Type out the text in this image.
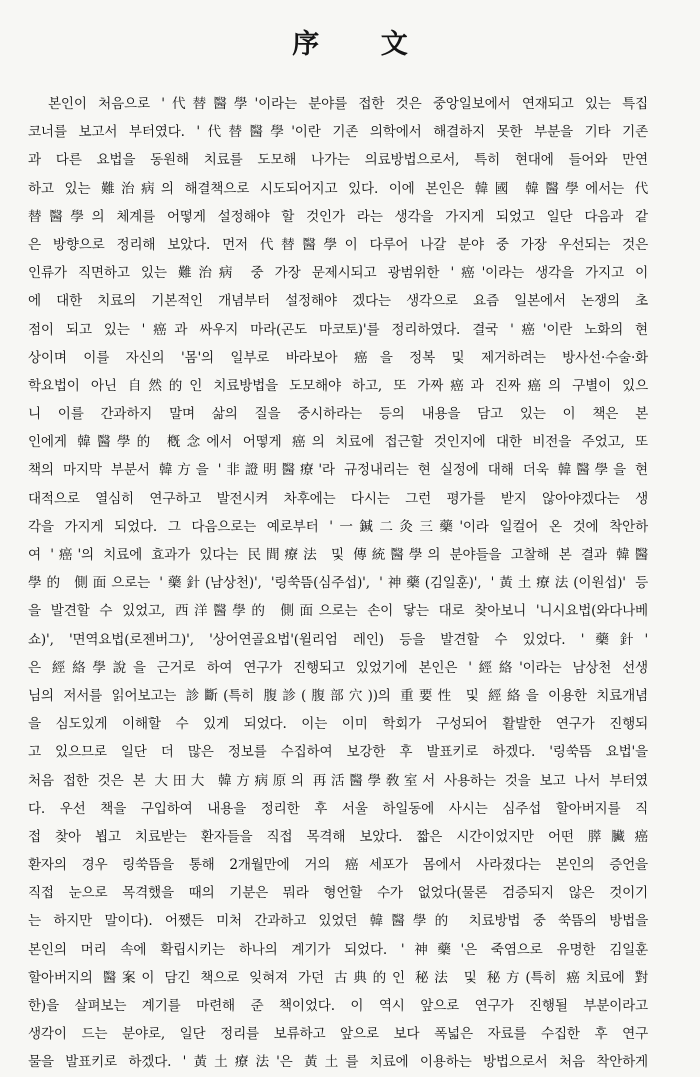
序 文
본인이 처음으로 '代替醫學'이라는 분야를 접한 것은 중앙일보에서 연재되고 있는 특집
코너를 보고서 부터였다. '代替醫學'이란 기존 의학에서 해결하지 못한 부분을 기타 기존
과 다른 요법을 동원해 치료를 도모해 나가는 의료방법으로서, 특히 현대에 들어와 만연
하고 있는 難治病의 해결책으로 시도되어지고 있다. 이에 본인은 韓國 韓醫學에서는 代
替醫學의 체계를 어떻게 설정해야 할 것인가 라는 생각을 가지게 되었고 일단 다음과 같
은 방향으로 정리해 보았다. 먼저 代替醫學이 다루어 나갈 분야 중 가장 우선되는 것은
인류가 직면하고 있는 難治病 중 가장 문제시되고 광범위한 '癌'이라는 생각을 가지고 이
에 대한 치료의 기본적인 개념부터 설정해야 겠다는 생각으로 요즘 일본에서 논쟁의 초
점이 되고 있는 '癌과 싸우지 마라(곤도 마코토)'를 정리하였다. 결국 '癌'이란 노화의 현
상이며 이를 자신의 '몸'의 일부로 바라보아 癌을 정복 및 제거하려는 방사선·수술·화
학요법이 아닌 自然的인 치료방법을 도모해야 하고, 또 가짜癌과 진짜癌의 구별이 있으
니 이를 간과하지 말며 삶의 질을 중시하라는 등의 내용을 담고 있는 이 책은 본
인에게 韓醫學的 槪念에서 어떻게 癌의 치료에 접근할 것인지에 대한 비전을 주었고, 또
책의 마지막 부분서 韓方을 '非證明醫療'라 규정내리는 현 실정에 대해 더욱 韓醫學을 현
대적으로 열심히 연구하고 발전시켜 차후에는 다시는 그런 평가를 받지 않아야겠다는 생
각을 가지게 되었다. 그 다음으로는 예로부터 '一鍼二灸三藥'이라 일컬어 온 것에 착안하
여 '癌'의 치료에 효과가 있다는 民間療法 및 傳統醫學의 분야들을 고찰해 본 결과 韓醫
學的 側面으로는 '藥針(남상천)', '링쑥뜸(심주섭)', '神藥(김일훈)', '黃土療法(이원섭)' 등
을 발견할 수 있었고, 西洋醫學的 側面으로는 손이 닿는 대로 찾아보니 '니시요법(와다나베
쇼)', '면역요법(로젠버그)', '상어연골요법'(윌리엄 레인) 등을 발견할 수 있었다. '藥針'
은 經絡學說을 근거로 하여 연구가 진행되고 있었기에 본인은 '經絡'이라는 남상천 선생
님의 저서를 읽어보고는 診斷(특히 腹診(腹部穴))의 重要性 및 經絡을 이용한 치료개념
을 심도있게 이해할 수 있게 되었다. 이는 이미 학회가 구성되어 활발한 연구가 진행되
고 있으므로 일단 더 많은 정보를 수집하여 보강한 후 발표키로 하겠다. '링쑥뜸 요법'을
처음 접한 것은 본 大田大 韓方病原의 再活醫學敎室서 사용하는 것을 보고 나서 부터였
다. 우선 책을 구입하여 내용을 정리한 후 서울 하일동에 사시는 심주섭 할아버지를 직
접 찾아 뵙고 치료받는 환자들을 직접 목격해 보았다. 짧은 시간이었지만 어떤 膵臟癌
환자의 경우 링쑥뜸을 통해 2개월만에 거의 癌세포가 몸에서 사라졌다는 본인의 증언을
직접 눈으로 목격했을 때의 기분은 뭐라 형언할 수가 없었다(물론 검증되지 않은 것이기
는 하지만 말이다). 어쨌든 미처 간과하고 있었던 韓醫學的 치료방법 중 쑥뜸의 방법을
본인의 머리 속에 확립시키는 하나의 계기가 되었다. '神藥'은 죽염으로 유명한 김일훈
할아버지의 醫案이 담긴 책으로 잊혀져 가던 古典的인 秘法 및 秘方(특히 癌치료에 對
한)을 살펴보는 계기를 마련해 준 책이었다. 이 역시 앞으로 연구가 진행될 부분이라고
생각이 드는 분야로, 일단 정리를 보류하고 앞으로 보다 폭넓은 자료를 수집한 후 연구
물을 발표키로 하겠다. '黃土療法'은 黃土를 치료에 이용하는 방법으로서 처음 착안하게
